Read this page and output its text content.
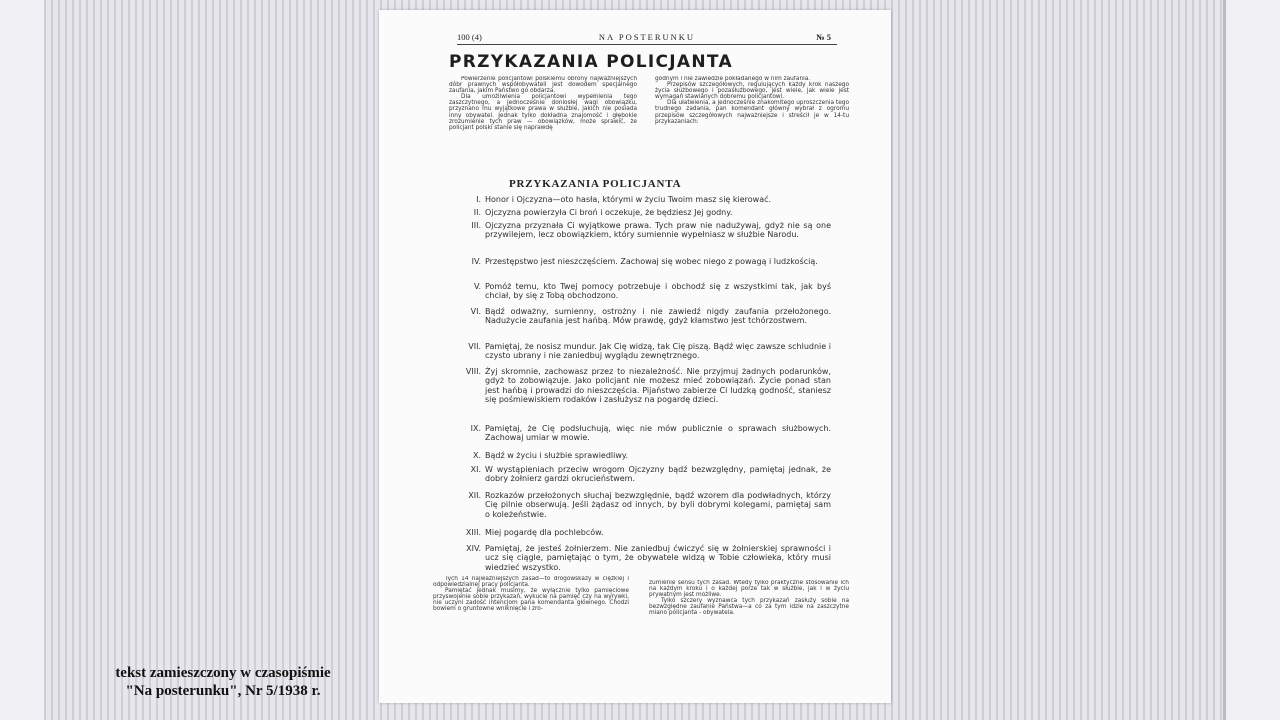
tekst zamieszczony w czasopiśmie
"Na posterunku", Nr 5/1938 r.
100 (4)	NA POSTERUNKU	№ 5
PRZYKAZANIA POLICJANTA

Powierzenie policjantowi polskiemu obrony najważniejszych dóbr prawnych współobywateli jest dowodem specjalnego zaufania, jakim Państwo go obdarza.

Dla umożliwienia policjantowi wypełnienia tego zaszczytnego, a jednocześnie doniosłej wagi obowiązku, przyznano mu wyjątkowe prawa w służbie, jakich nie posiada inny obywatel. Jednak tylko dokładna znajomość i głębokie zrozumienie tych praw — obowiązków, może sprawić, że policjant polski stanie się naprawdę

godnym i nie zawiedzie pokładanego w nim zaufania.

Przepisów szczegółowych, regulujących każdy krok naszego życia służbowego i pozasłużbowego, jest wiele, jak wiele jest wymagań stawianych dobremu policjantowi.

Dla ułatwienia, a jednocześnie znakomitego uproszczenia tego trudnego zadania, pan komendant główny wybrał z ogromu przepisów szczegółowych najważniejsze i streścił je w 14-tu przykazaniach:

PRZYKAZANIA POLICJANTA
I. Honor i Ojczyzna—oto hasła, którymi w życiu Twoim masz się kierować.
II. Ojczyzna powierzyła Ci broń i oczekuje, że będziesz Jej godny.
III. Ojczyzna przyznała Ci wyjątkowe prawa. Tych praw nie nadużywaj, gdyż nie są one przywilejem, lecz obowiązkiem, który sumiennie wypełniasz w służbie Narodu.
IV. Przestępstwo jest nieszczęściem. Zachowaj się wobec niego z powagą i ludzkością.
V. Pomóż temu, kto Twej pomocy potrzebuje i obchodź się z wszystkimi tak, jak byś chciał, by się z Tobą obchodzono.
VI. Bądź odważny, sumienny, ostrożny i nie zawiedź nigdy zaufania przełożonego. Nadużycie zaufania jest hańbą. Mów prawdę, gdyż kłamstwo jest tchórzostwem.
VII. Pamiętaj, że nosisz mundur. Jak Cię widzą, tak Cię piszą. Bądź więc zawsze schludnie i czysto ubrany i nie zaniedbuj wyglądu zewnętrznego.
VIII. Żyj skromnie, zachowasz przez to niezależność. Nie przyjmuj żadnych podarunków, gdyż to zobowiązuje. Jako policjant nie możesz mieć zobowiązań. Życie ponad stan jest hańbą i prowadzi do nieszczęścia. Pijaństwo zabierze Ci ludzką godność, staniesz się pośmiewiskiem rodaków i zasłużysz na pogardę dzieci.
IX. Pamiętaj, że Cię podsłuchują, więc nie mów publicznie o sprawach służbowych. Zachowaj umiar w mowie.
X. Bądź w życiu i służbie sprawiedliwy.
XI. W wystąpieniach przeciw wrogom Ojczyzny bądź bezwzględny, pamiętaj jednak, że dobry żołnierz gardzi okrucieństwem.
XII. Rozkazów przełożonych słuchaj bezwzględnie, bądź wzorem dla podwładnych, którzy Cię pilnie obserwują. Jeśli żądasz od innych, by byli dobrymi kolegami, pamiętaj sam o koleżeństwie.
XIII. Miej pogardę dla pochlebców.
XIV. Pamiętaj, że jesteś żołnierzem. Nie zaniedbuj ćwiczyć się w żołnierskiej sprawności i ucz się ciągle, pamiętając o tym, że obywatele widzą w Tobie człowieka, który musi wiedzieć wszystko.

Tych 14 najważniejszych zasad—to drogowskazy w ciężkiej i odpowiedzialnej pracy policjanta.

Pamiętać jednak musimy, że wyłącznie tylko pamięciowe przyswojenie sobie przykazań, wykucie na pamięć czy na wyrywki, nie uczyni zadość intencjom pana komendanta głównego. Chodzi bowiem o gruntowne wniknięcie i zro-

zumienie sensu tych zasad. Wtedy tylko praktyczne stosowanie ich na każdym kroku i o każdej porze tak w służbie, jak i w życiu prywatnym jest możliwe.

Tylko szczery wyznawca tych przykazań zasłuży sobie na bezwzględne zaufanie Państwa—a co za tym idzie na zaszczytne miano policjanta - obywatela.
